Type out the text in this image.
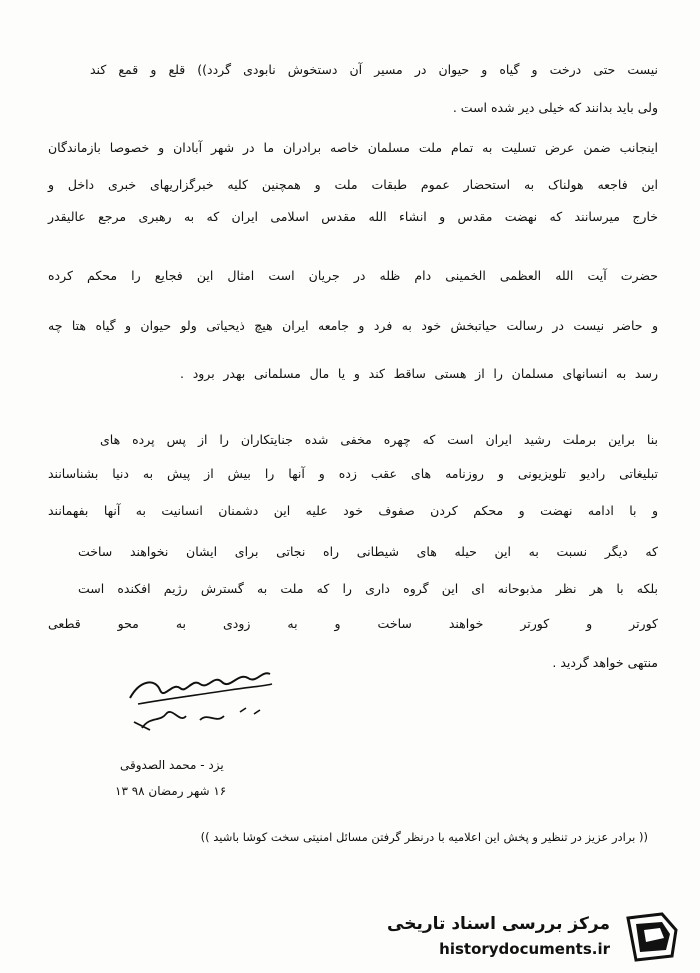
نیست حتی درخت و گیاه و حیوان در مسیر آن دستخوش نابودی گردد)) قلع و قمع کند
ولی باید بدانند که خیلی دیر شده است .
اینجانب ضمن عرض تسلیت به تمام ملت مسلمان خاصه برادران ما در شهر آبادان و خصوصا بازماندگان
این فاجعه هولناک به استحضار عموم طبقات ملت و همچنین کلیه خبرگزاریهای خبری داخل و
خارج میرسانند که نهضت مقدس و انشاء الله مقدس اسلامی ایران که به رهبری مرجع عالیقدر
حضرت آیت الله العظمی الخمینی دام ظله در جریان است امثال این فجایع را محکم کرده
و حاضر نیست در رسالت حیاتبخش خود به فرد و جامعه ایران هیچ ذیحیاتی ولو حیوان و گیاه هتا چه
رسد به انسانهای مسلمان را از هستی ساقط کند و یا مال مسلمانی بهدر برود .
بنا براین برملت رشید ایران است که چهره مخفی شده جنایتکاران را از پس پرده های
تبلیغاتی رادیو تلویزیونی و روزنامه های عقب زده و آنها را بیش از پیش به دنیا بشناسانند
و با ادامه نهضت و محکم کردن صفوف خود علیه این دشمنان انسانیت به آنها بفهمانند
که دیگر نسبت به این حیله های شیطانی راه نجاتی برای ایشان نخواهند ساخت
بلکه با هر نظر مذبوحانه ای این گروه داری را که ملت به گسترش رژیم افکنده است
کورتر و کورتر خواهند ساخت و به زودی به محو قطعی
منتهی خواهد گردید .
یزد - محمد الصدوقی
۱۶ شهر رمضان ۹۸ ۱۳
(( برادر عزیز در تنظیر و پخش این اعلامیه با درنظر گرفتن مسائل امنیتی سخت کوشا باشید ))
مرکز بررسی اسناد تاریخی
historydocuments.ir
